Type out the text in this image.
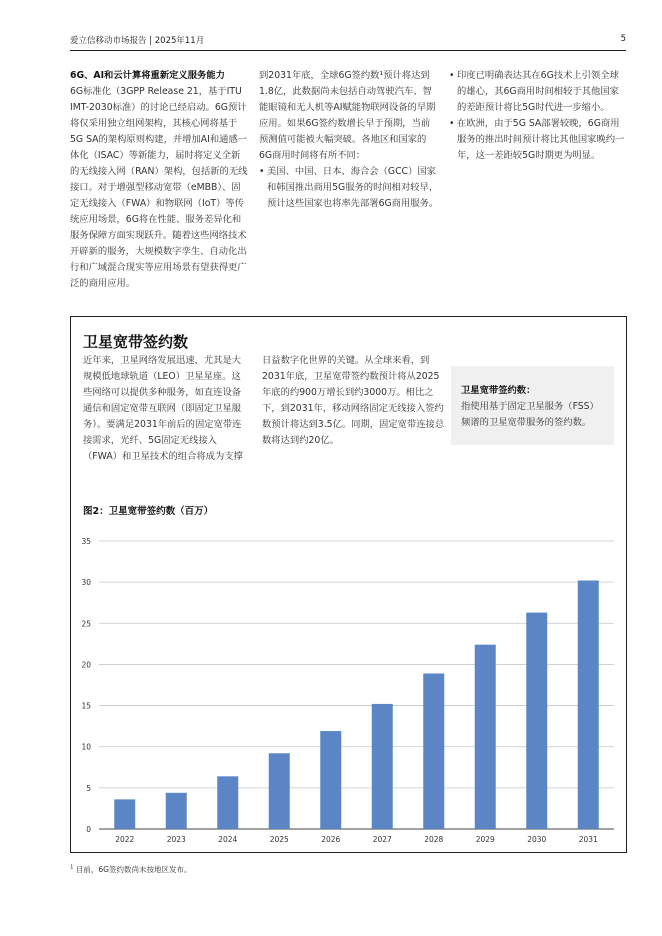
爱立信移动市场报告 | 2025年11月	5

6G、AI和云计算将重新定义服务能力

6G标准化（3GPP Release 21，基于ITU IMT-2030标准）的讨论已经启动。6G预计将仅采用独立组网架构，其核心网将基于5G SA的架构原则构建，并增加AI和通感一体化（ISAC）等新能力，届时将定义全新的无线接入网（RAN）架构，包括新的无线接口。对于增强型移动宽带（eMBB）、固定无线接入（FWA）和物联网（IoT）等传统应用场景，6G将在性能、服务差异化和服务保障方面实现跃升。随着这些网络技术开辟新的服务，大规模数字孪生、自动化出行和广域混合现实等应用场景有望获得更广泛的商用应用。

到2031年底，全球6G签约数¹预计将达到1.8亿，此数据尚未包括自动驾驶汽车、智能眼镜和无人机等AI赋能物联网设备的早期应用。如果6G签约数增长早于预期，当前预测值可能被大幅突破。各地区和国家的6G商用时间将有所不同：

• 美国、中国、日本、海合会（GCC）国家和韩国推出商用5G服务的时间相对较早，预计这些国家也将率先部署6G商用服务。

• 印度已明确表达其在6G技术上引领全球的雄心，其6G商用时间相较于其他国家的差距预计将比5G时代进一步缩小。

• 在欧洲，由于5G SA部署较晚，6G商用服务的推出时间预计将比其他国家晚约一年，这一差距较5G时期更为明显。

卫星宽带签约数
近年来，卫星网络发展迅速，尤其是大规模低地球轨道（LEO）卫星星座。这些网络可以提供多种服务，如直连设备通信和固定宽带互联网（即固定卫星服务）。要满足2031年前后的固定宽带连接需求，光纤、5G固定无线接入（FWA）和卫星技术的组合将成为支撑
日益数字化世界的关键。从全球来看，到2031年底，卫星宽带签约数预计将从2025年底的约900万增长到约3000万。相比之下，到2031年，移动网络固定无线接入签约数预计将达到3.5亿。同期，固定宽带连接总数将达到约20亿。
卫星宽带签约数：
指使用基于固定卫星服务（FSS）频谱的卫星宽带服务的签约数。
图2：卫星宽带签约数（百万）
0
5
10
15
20
25
30
35
2022	2023	2024	2025	2026	2027	2028	2029	2030	2031
$^1$ 目前，6G签约数尚未按地区发布。
